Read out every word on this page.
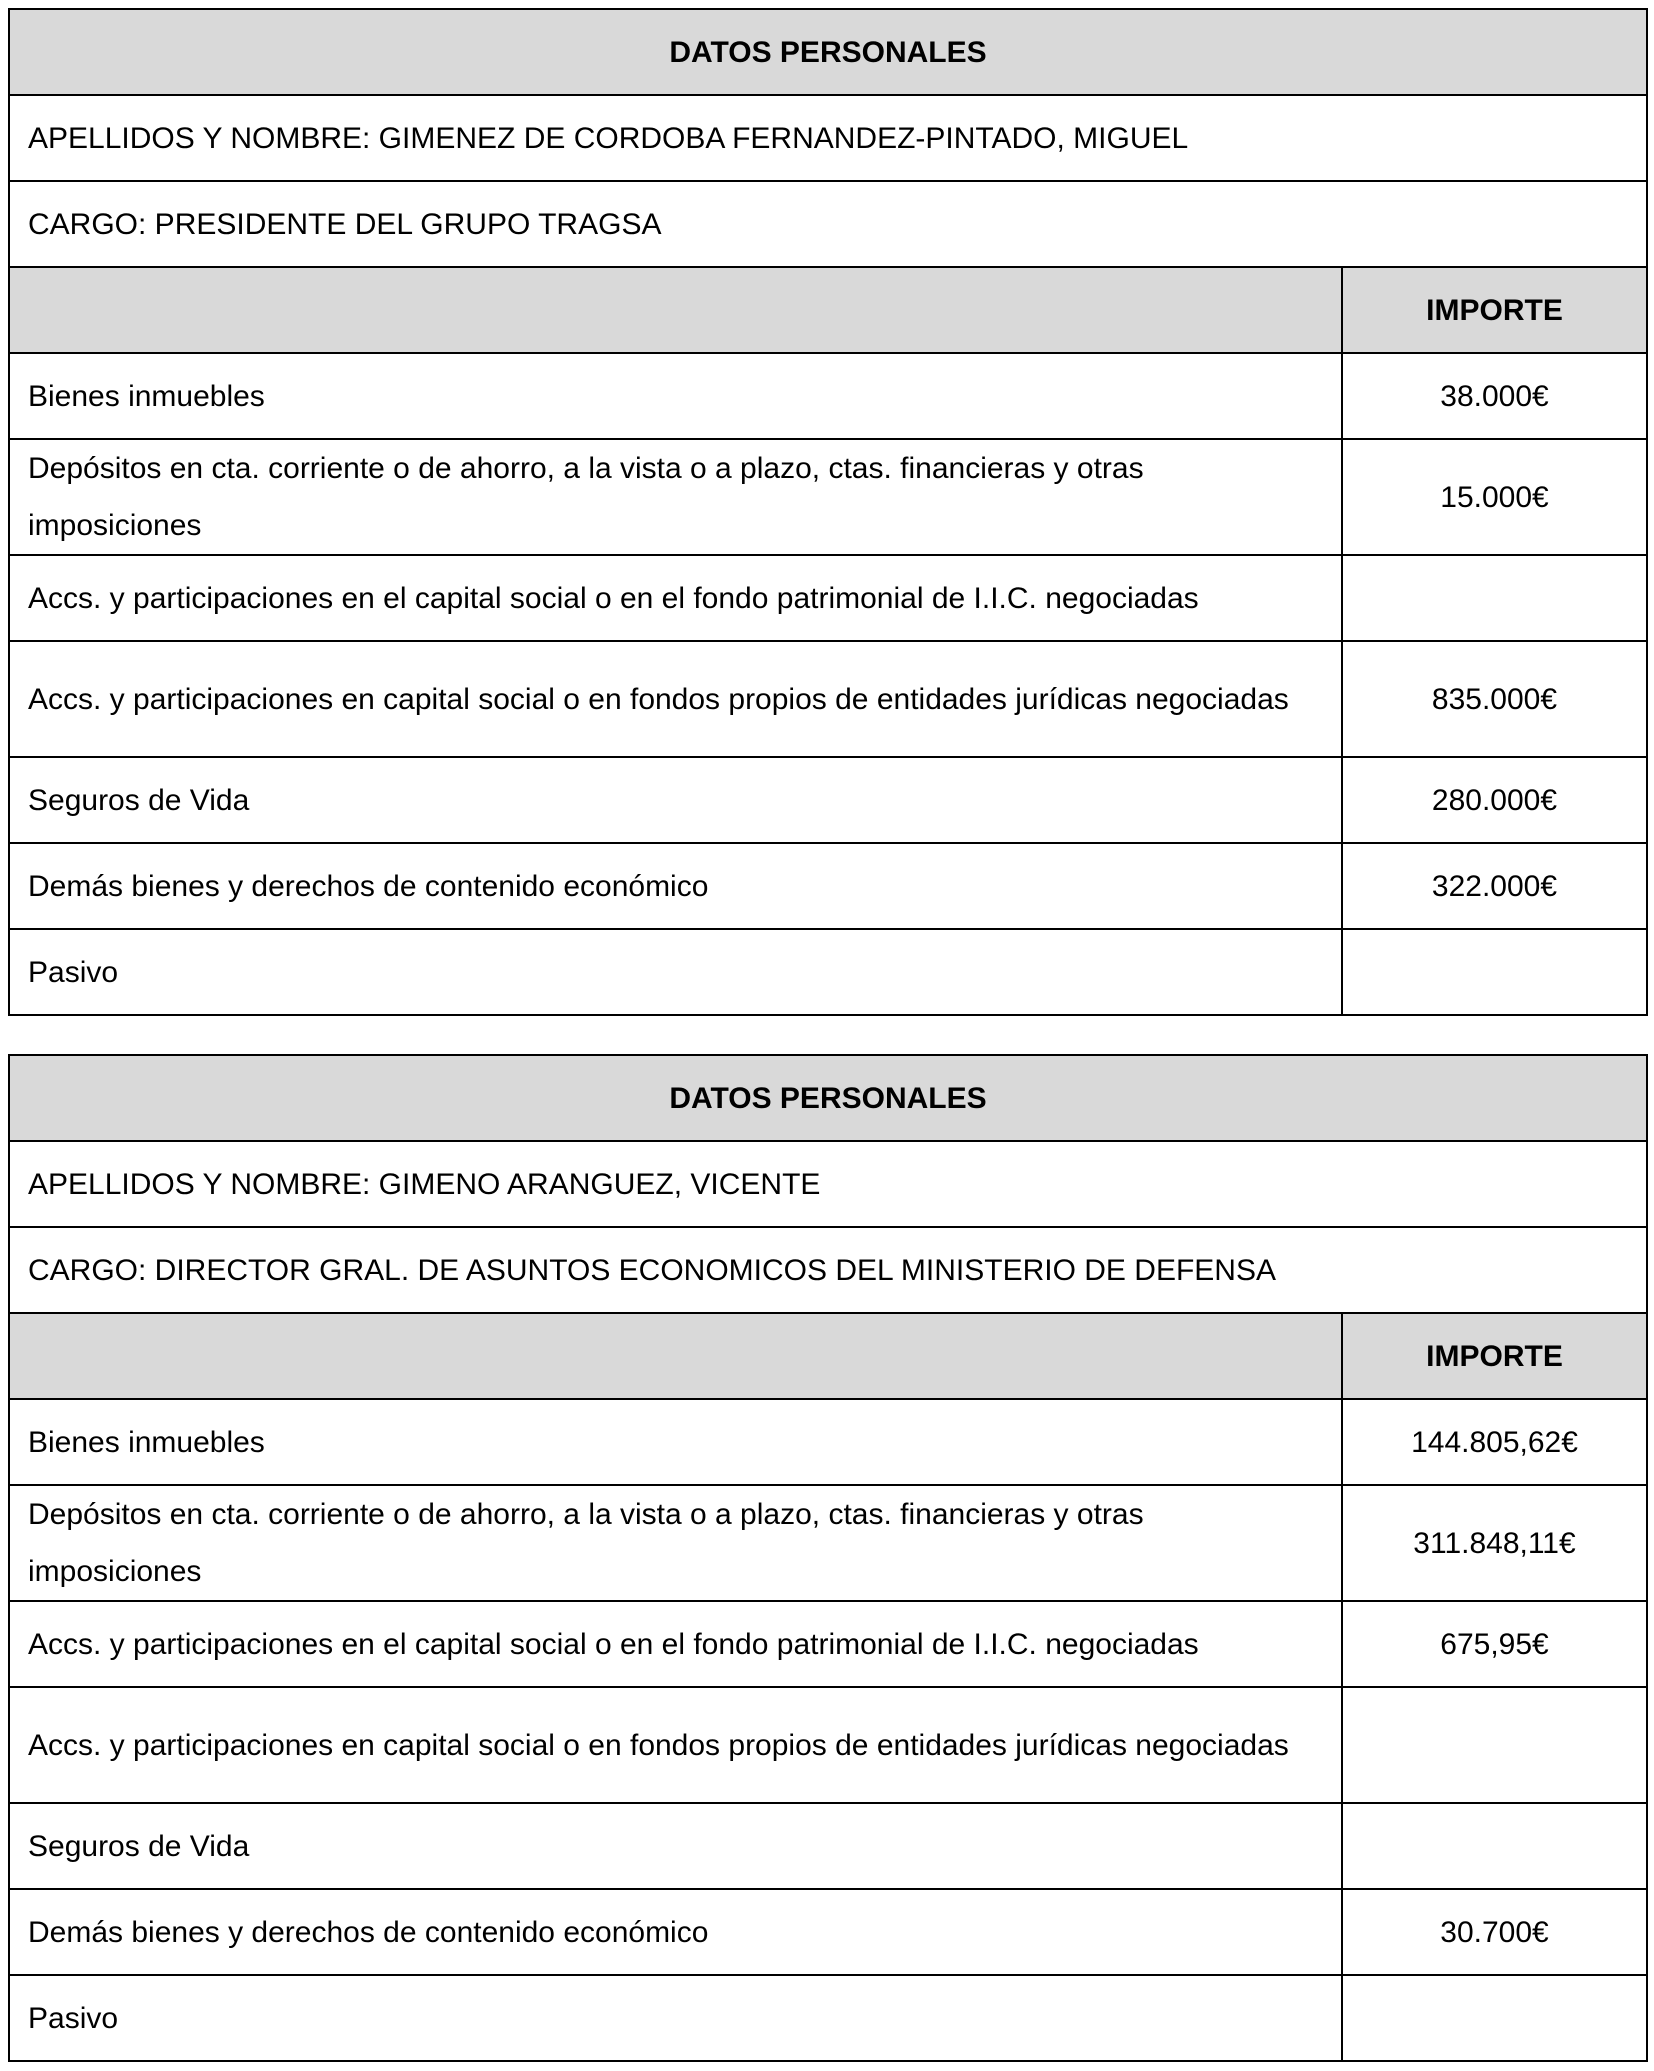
DATOS PERSONALES	
APELLIDOS Y NOMBRE: GIMENEZ DE CORDOBA FERNANDEZ-PINTADO, MIGUEL	
CARGO: PRESIDENTE DEL GRUPO TRAGSA	
	IMPORTE
Bienes inmuebles	38.000€
Depósitos en cta. corriente o de ahorro, a la vista o a plazo, ctas. financieras y otras imposiciones	15.000€
Accs. y participaciones en el capital social o en el fondo patrimonial de I.I.C. negociadas	
Accs. y participaciones en capital social o en fondos propios de entidades jurídicas negociadas	835.000€
Seguros de Vida	280.000€
Demás bienes y derechos de contenido económico	322.000€
Pasivo	
DATOS PERSONALES	
APELLIDOS Y NOMBRE: GIMENO ARANGUEZ, VICENTE	
CARGO: DIRECTOR GRAL. DE ASUNTOS ECONOMICOS DEL MINISTERIO DE DEFENSA	
	IMPORTE
Bienes inmuebles	144.805,62€
Depósitos en cta. corriente o de ahorro, a la vista o a plazo, ctas. financieras y otras imposiciones	311.848,11€
Accs. y participaciones en el capital social o en el fondo patrimonial de I.I.C. negociadas	675,95€
Accs. y participaciones en capital social o en fondos propios de entidades jurídicas negociadas	
Seguros de Vida	
Demás bienes y derechos de contenido económico	30.700€
Pasivo	
